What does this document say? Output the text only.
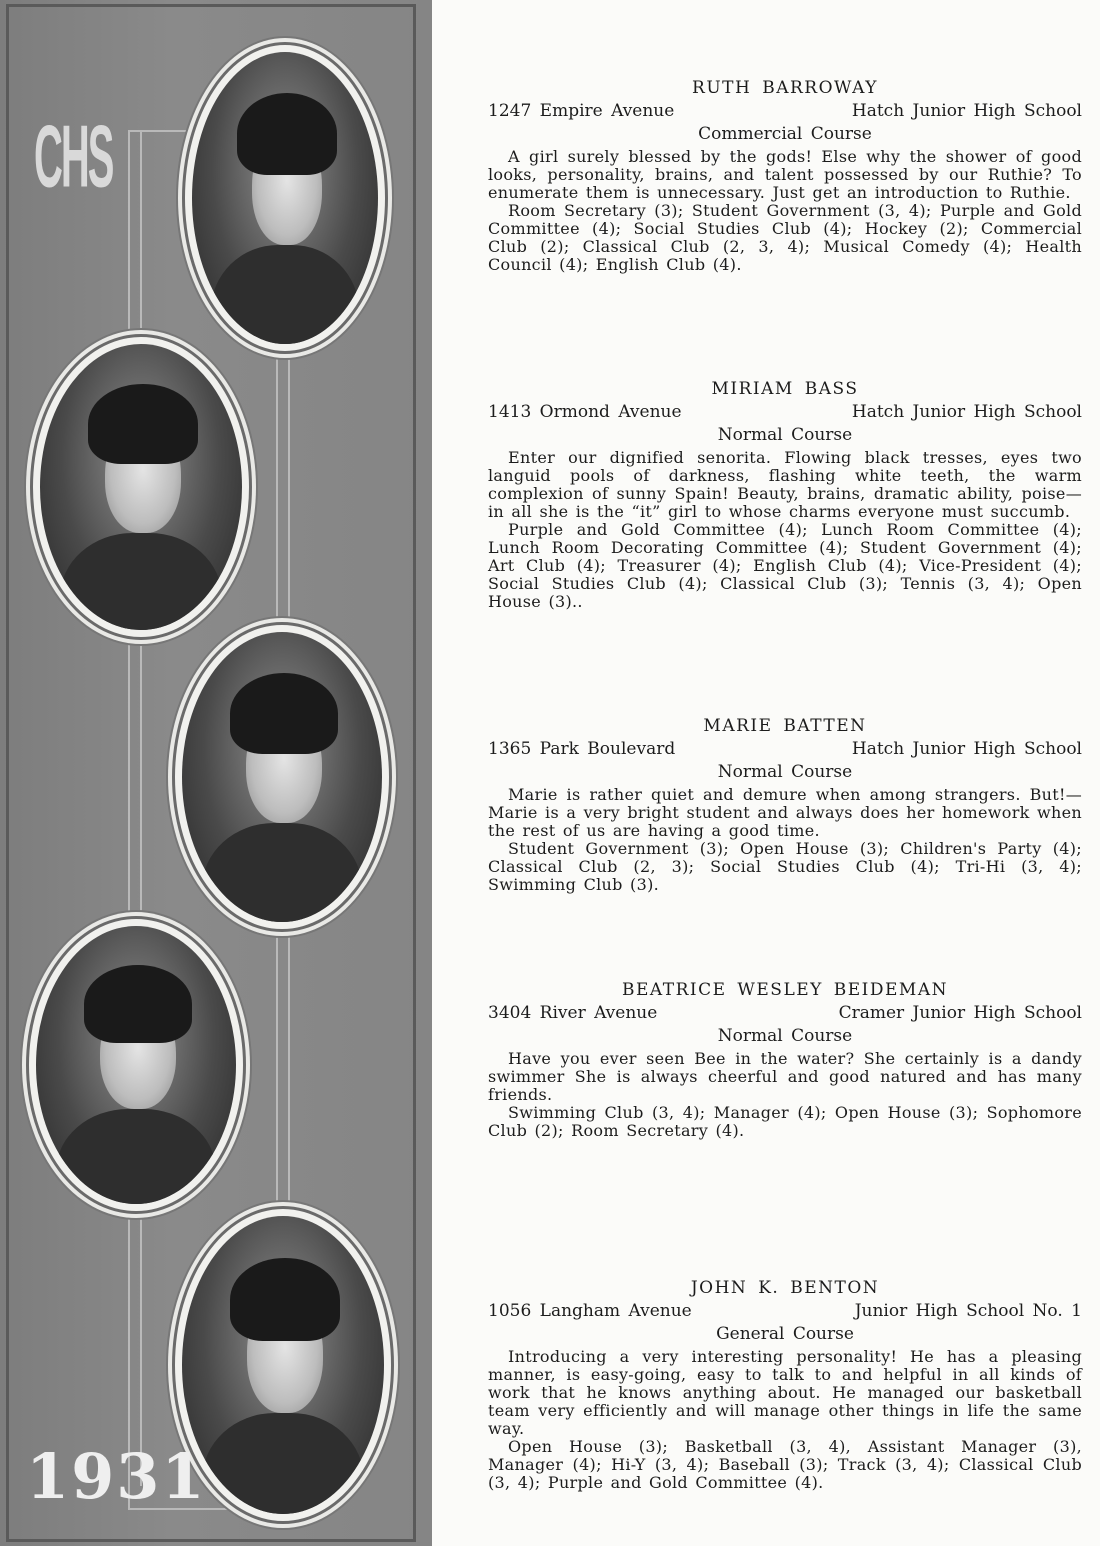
CHS
1931
RUTH BARROWAY
1247 Empire Avenue	Hatch Junior High School
Commercial Course

A girl surely blessed by the gods! Else why the shower of good looks, personality, brains, and talent possessed by our Ruthie? To enumerate them is unnecessary. Just get an introduction to Ruthie.

Room Secretary (3); Student Government (3, 4); Purple and Gold Committee (4); Social Studies Club (4); Hockey (2); Commercial Club (2); Classical Club (2, 3, 4); Musical Comedy (4); Health Council (4); English Club (4).

MIRIAM BASS
1413 Ormond Avenue	Hatch Junior High School
Normal Course

Enter our dignified senorita. Flowing black tresses, eyes two languid pools of darkness, flashing white teeth, the warm complexion of sunny Spain! Beauty, brains, dramatic ability, poise—in all she is the “it” girl to whose charms everyone must succumb.

Purple and Gold Committee (4); Lunch Room Committee (4); Lunch Room Decorating Committee (4); Student Government (4); Art Club (4); Treasurer (4); English Club (4); Vice-President (4); Social Studies Club (4); Classical Club (3); Tennis (3, 4); Open House (3)..

MARIE BATTEN
1365 Park Boulevard	Hatch Junior High School
Normal Course

Marie is rather quiet and demure when among strangers. But!—Marie is a very bright student and always does her homework when the rest of us are having a good time.

Student Government (3); Open House (3); Children's Party (4); Classical Club (2, 3); Social Studies Club (4); Tri-Hi (3, 4); Swimming Club (3).

BEATRICE WESLEY BEIDEMAN
3404 River Avenue	Cramer Junior High School
Normal Course

Have you ever seen Bee in the water? She certainly is a dandy swimmer She is always cheerful and good natured and has many friends.

Swimming Club (3, 4); Manager (4); Open House (3); Sophomore Club (2); Room Secretary (4).

JOHN K. BENTON
1056 Langham Avenue	Junior High School No. 1
General Course

Introducing a very interesting personality! He has a pleasing manner, is easy-going, easy to talk to and helpful in all kinds of work that he knows anything about. He managed our basketball team very efficiently and will manage other things in life the same way.

Open House (3); Basketball (3, 4), Assistant Manager (3), Manager (4); Hi-Y (3, 4); Baseball (3); Track (3, 4); Classical Club (3, 4); Purple and Gold Committee (4).
